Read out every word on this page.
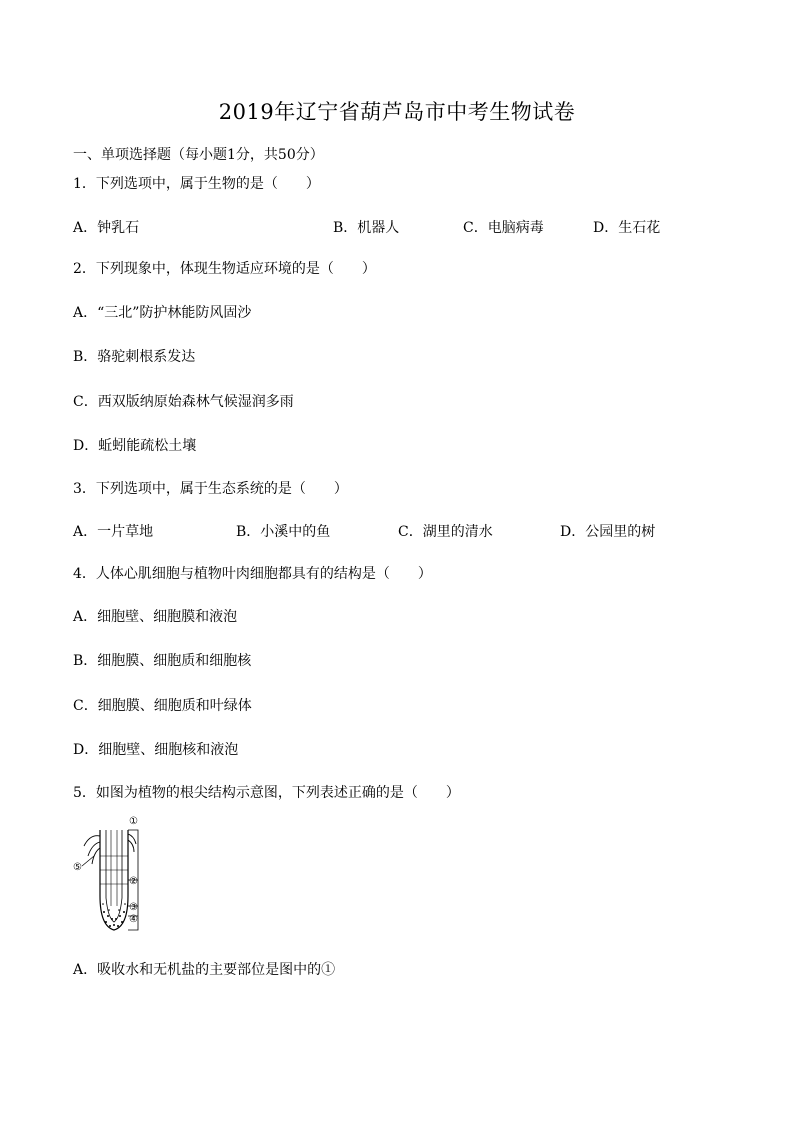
2019年辽宁省葫芦岛市中考生物试卷
一、单项选择题（每小题1分，共50分）
1．下列选项中，属于生物的是（　　）
A．钟乳石	B．机器人	C．电脑病毒	D．生石花
2．下列现象中，体现生物适应环境的是（　　）
A．“三北”防护林能防风固沙
B．骆驼刺根系发达
C．西双版纳原始森林气候湿润多雨
D．蚯蚓能疏松土壤
3．下列选项中，属于生态系统的是（　　）
A．一片草地	B．小溪中的鱼	C．湖里的清水	D．公园里的树
4．人体心肌细胞与植物叶肉细胞都具有的结构是（　　）
A．细胞壁、细胞膜和液泡
B．细胞膜、细胞质和细胞核
C．细胞膜、细胞质和叶绿体
D．细胞壁、细胞核和液泡
5．如图为植物的根尖结构示意图，下列表述正确的是（　　）
①
②
③
④
⑤
A．吸收水和无机盐的主要部位是图中的①
